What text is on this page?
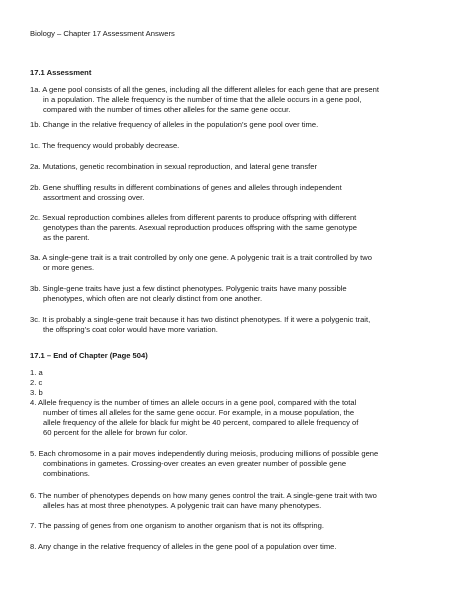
Biology – Chapter 17 Assessment Answers
17.1 Assessment
1a. A gene pool consists of all the genes, including all the different alleles for each gene that are present
in a population. The allele frequency is the number of time that the allele occurs in a gene pool,
compared with the number of times other alleles for the same gene occur.
1b. Change in the relative frequency of alleles in the population’s gene pool over time.
1c. The frequency would probably decrease.
2a. Mutations, genetic recombination in sexual reproduction, and lateral gene transfer
2b. Gene shuffling results in different combinations of genes and alleles through independent
assortment and crossing over.
2c. Sexual reproduction combines alleles from different parents to produce offspring with different
genotypes than the parents. Asexual reproduction produces offspring with the same genotype
as the parent.
3a. A single-gene trait is a trait controlled by only one gene. A polygenic trait is a trait controlled by two
or more genes.
3b. Single-gene traits have just a few distinct phenotypes. Polygenic traits have many possible
phenotypes, which often are not clearly distinct from one another.
3c. It is probably a single-gene trait because it has two distinct phenotypes. If it were a polygenic trait,
the offspring’s coat color would have more variation.
17.1 – End of Chapter (Page 504)
1. a
2. c
3. b
4. Allele frequency is the number of times an allele occurs in a gene pool, compared with the total
number of times all alleles for the same gene occur. For example, in a mouse population, the
allele frequency of the allele for black fur might be 40 percent, compared to allele frequency of
60 percent for the allele for brown fur color.
5. Each chromosome in a pair moves independently during meiosis, producing millions of possible gene
combinations in gametes. Crossing-over creates an even greater number of possible gene
combinations.
6. The number of phenotypes depends on how many genes control the trait. A single-gene trait with two
alleles has at most three phenotypes. A polygenic trait can have many phenotypes.
7. The passing of genes from one organism to another organism that is not its offspring.
8. Any change in the relative frequency of alleles in the gene pool of a population over time.
